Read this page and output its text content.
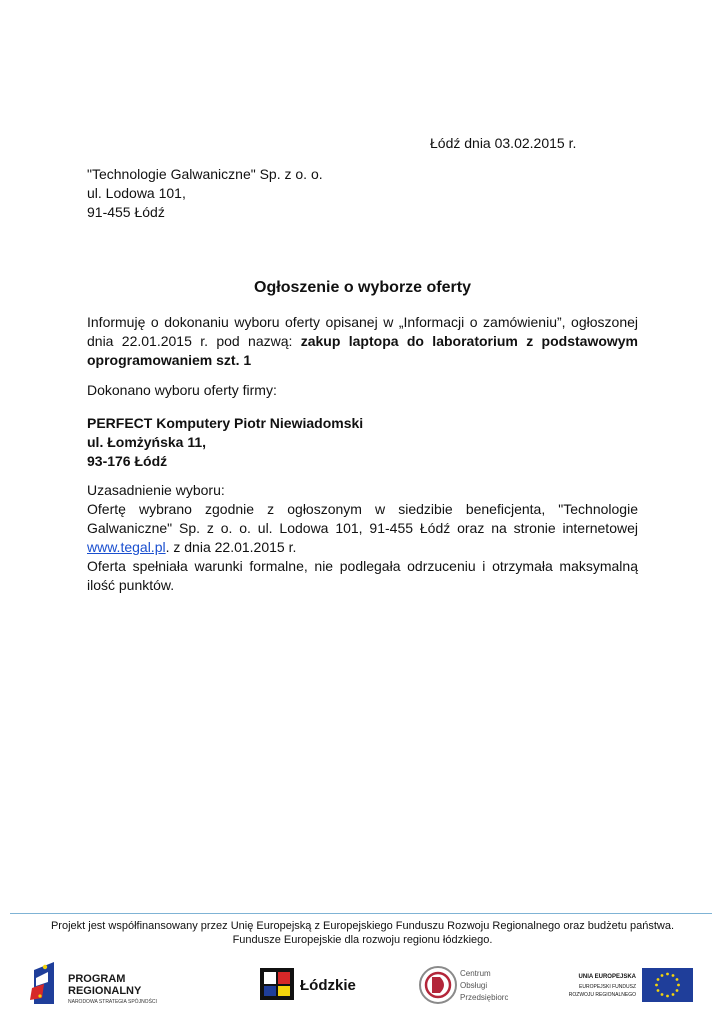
Łódź dnia 03.02.2015 r.
"Technologie Galwaniczne" Sp. z o. o.
ul. Lodowa 101,
91-455 Łódź
Ogłoszenie o wyborze oferty
Informuję o dokonaniu wyboru oferty opisanej w „Informacji o zamówieniu”, ogłoszonej dnia 22.01.2015 r. pod nazwą: zakup laptopa do laboratorium z podstawowym oprogramowaniem szt. 1
Dokonano wyboru oferty firmy:
PERFECT Komputery Piotr Niewiadomski
ul. Łomżyńska 11,
93-176 Łódź
Uzasadnienie wyboru:
Ofertę wybrano zgodnie z ogłoszonym w siedzibie beneficjenta, "Technologie Galwaniczne" Sp. z o. o. ul. Lodowa 101, 91-455 Łódź oraz na stronie internetowej www.tegal.pl. z dnia 22.01.2015 r.
Oferta spełniała warunki formalne, nie podlegała odrzuceniu i otrzymała maksymalną ilość punktów.
Projekt jest współfinansowany przez Unię Europejską z Europejskiego Funduszu Rozwoju Regionalnego oraz budżetu państwa.
Fundusze Europejskie dla rozwoju regionu łódzkiego.
PROGRAM
REGIONALNY
NARODOWA STRATEGIA SPÓJNOŚCI
Łódzkie
Centrum
Obsługi
Przedsiębiorcy
UNIA EUROPEJSKA
EUROPEJSKI FUNDUSZ
ROZWOJU REGIONALNEGO
